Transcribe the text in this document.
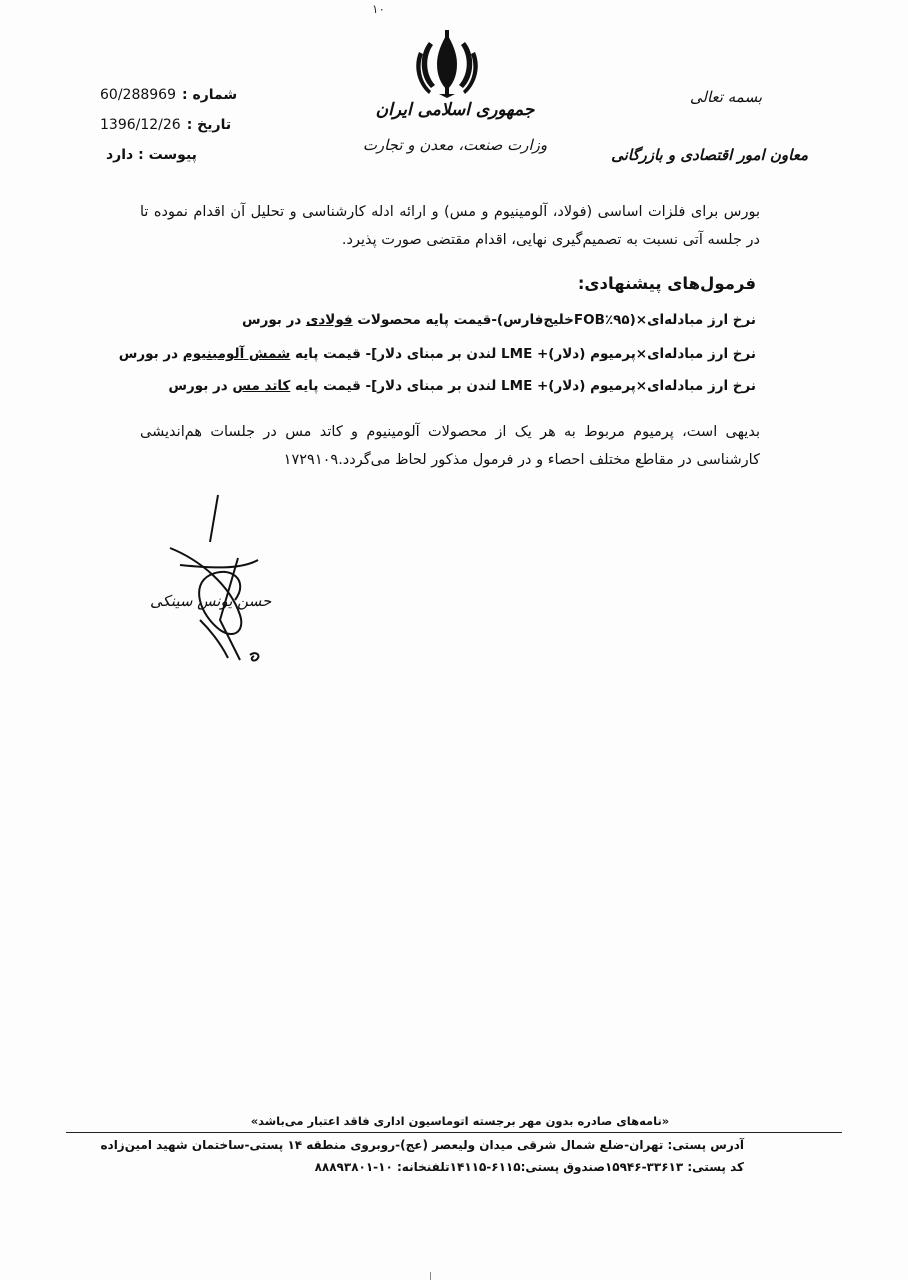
۱۰
جمهوری اسلامی ایران
وزارت صنعت، معدن و تجارت
بسمه تعالی
معاون امور اقتصادی و بازرگانی
شماره :
60/288969
تاریخ :
1396/12/26
پیوست : دارد
بورس برای فلزات اساسی (فولاد، آلومینیوم و مس) و ارائه ادله کارشناسی و تحلیل آن اقدام نموده تا در جلسه آتی نسبت به تصمیم‌گیری نهایی، اقدام مقتضی صورت پذیرد.
فرمول‌های پیشنهادی:
نرخ ارز مبادله‌ای×(۹۵٪FOBخلیج‌فارس)-قیمت پایه محصولات فولادی در بورس
نرخ ارز مبادله‌ای×پرمیوم (دلار)+ LME لندن بر مبنای دلار]- قیمت پایه شمش آلومینیوم در بورس
نرخ ارز مبادله‌ای×پرمیوم (دلار)+ LME لندن بر مبنای دلار]- قیمت پایه کاتد مس در بورس
بدیهی است، پرمیوم مربوط به هر یک از محصولات آلومینیوم و کاتد مس در جلسات هم‌اندیشی کارشناسی در مقاطع مختلف احصاء و در فرمول مذکور لحاظ می‌گردد.۱۷۲۹۱۰۹
حسن یونس سینکی
«نامه‌های صادره بدون مهر برجسته اتوماسیون اداری فاقد اعتبار می‌باشد»
آدرس پستی: تهران-ضلع شمال شرقی میدان ولیعصر (عج)-روبروی منطقه ۱۴ پستی-ساختمان شهید امین‌زاده
کد پستی: ۳۳۶۱۳-۱۵۹۴۶صندوق پستی:۶۱۱۵-۱۴۱۱۵تلفنخانه: ۱۰-۸۸۸۹۳۸۰۱
